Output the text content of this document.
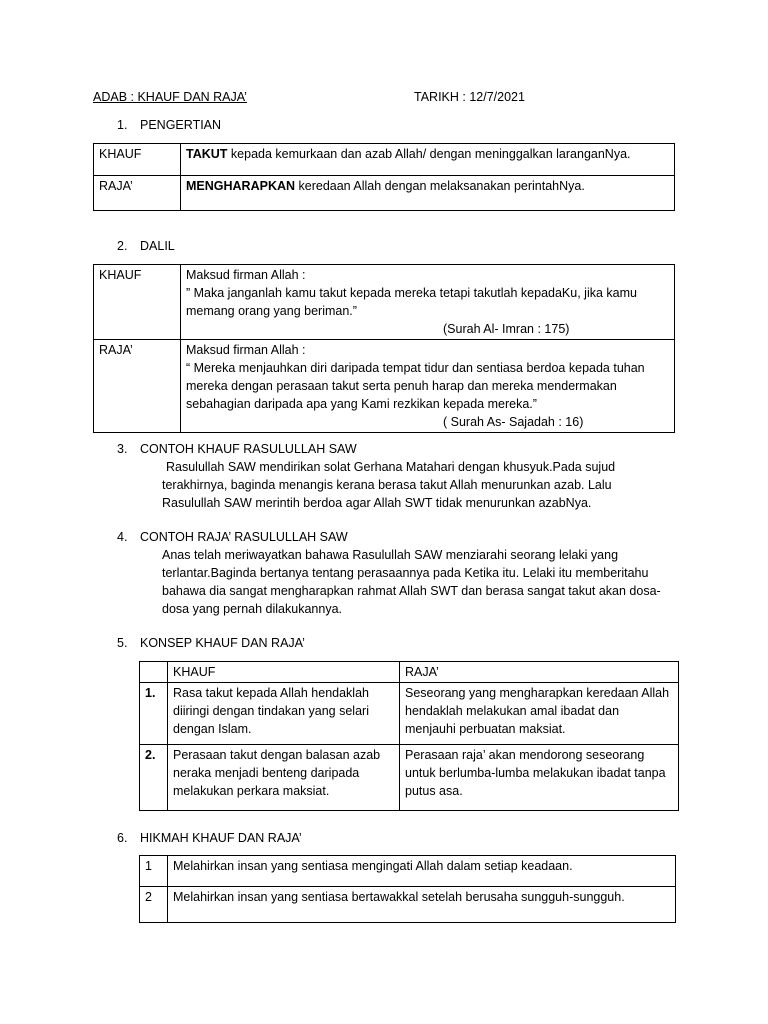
ADAB : KHAUF DAN RAJA’	TARIKH : 12/7/2021
1. PENGERTIAN
KHAUF	TAKUT kepada kemurkaan dan azab Allah/ dengan meninggalkan laranganNya.
RAJA’	MENGHARAPKAN keredaan Allah dengan melaksanakan perintahNya.
2. DALIL
KHAUF	Maksud firman Allah :
” Maka janganlah kamu takut kepada mereka tetapi takutlah kepadaKu, jika kamu memang orang yang beriman.”
(Surah Al- Imran : 175)

RAJA’	Maksud firman Allah :
“ Mereka menjauhkan diri daripada tempat tidur dan sentiasa berdoa kepada tuhan mereka dengan perasaan takut serta penuh harap dan mereka mendermakan sebahagian daripada apa yang Kami rezkikan kepada mereka.”
( Surah As- Sajadah : 16)
3. CONTOH KHAUF RASULULLAH SAW
Rasulullah SAW mendirikan solat Gerhana Matahari dengan khusyuk.Pada sujud terakhirnya, baginda menangis kerana berasa takut Allah menurunkan azab. Lalu Rasulullah SAW merintih berdoa agar Allah SWT tidak menurunkan azabNya.
4. CONTOH RAJA’ RASULULLAH SAW
Anas telah meriwayatkan bahawa Rasulullah SAW menziarahi seorang lelaki yang terlantar.Baginda bertanya tentang perasaannya pada Ketika itu. Lelaki itu memberitahu bahawa dia sangat mengharapkan rahmat Allah SWT dan berasa sangat takut akan dosa-dosa yang pernah dilakukannya.
5. KONSEP KHAUF DAN RAJA’
	KHAUF	RAJA’
1.	Rasa takut kepada Allah hendaklah diiringi dengan tindakan yang selari dengan Islam.	Seseorang yang mengharapkan keredaan Allah hendaklah melakukan amal ibadat dan menjauhi perbuatan maksiat.
2.	Perasaan takut dengan balasan azab neraka menjadi benteng daripada melakukan perkara maksiat.	Perasaan raja’ akan mendorong seseorang untuk berlumba-lumba melakukan ibadat tanpa putus asa.
6. HIKMAH KHAUF DAN RAJA’
1	Melahirkan insan yang sentiasa mengingati Allah dalam setiap keadaan.
2	Melahirkan insan yang sentiasa bertawakkal setelah berusaha sungguh-sungguh.
